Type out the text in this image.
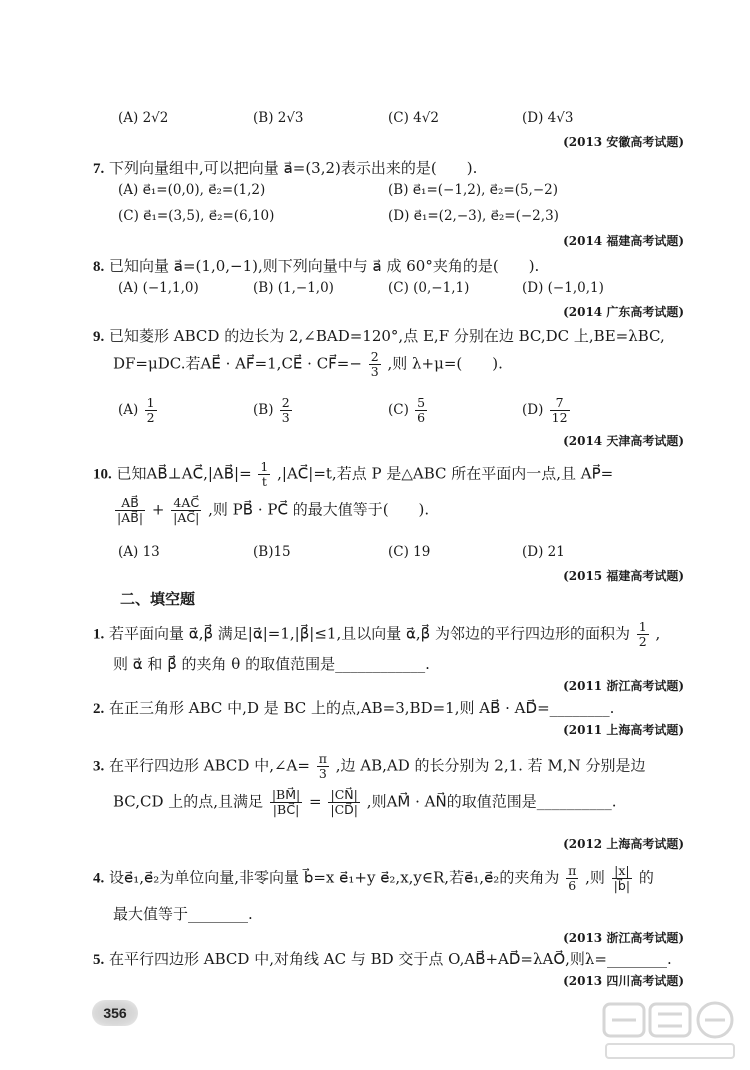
(A) 2√2	(B) 2√3	(C) 4√2	(D) 4√3
(2013 安徽高考试题)
7. 下列向量组中,可以把向量 a⃗=(3,2)表示出来的是(　　).
(A) e⃗₁=(0,0), e⃗₂=(1,2)	(B) e⃗₁=(−1,2), e⃗₂=(5,−2)
(C) e⃗₁=(3,5), e⃗₂=(6,10)	(D) e⃗₁=(2,−3), e⃗₂=(−2,3)
(2014 福建高考试题)
8. 已知向量 a⃗=(1,0,−1),则下列向量中与 a⃗ 成 60°夹角的是(　　).
(A) (−1,1,0)	(B) (1,−1,0)	(C) (0,−1,1)	(D) (−1,0,1)
(2014 广东高考试题)
9. 已知菱形 ABCD 的边长为 2,∠BAD=120°,点 E,F 分别在边 BC,DC 上,BE=λBC,
DF=μDC.若AE⃗ · AF⃗=1,CE⃗ · CF⃗=− $\frac{2}{3}$ ,则 λ+μ=(　　).
$(A) \frac{1}{2}$	$(B) \frac{2}{3}$	$(C) \frac{5}{6}$	$(D) \frac{7}{12}$
(2014 天津高考试题)
10. 已知AB⃗⊥AC⃗,|AB⃗|= $\frac{1}{t}$ ,|AC⃗|=t,若点 P 是△ABC 所在平面内一点,且 AP⃗=
$\frac{AB⃗}{|AB⃗|} + \frac{4AC⃗}{|AC⃗|}$ ,则 PB⃗ · PC⃗ 的最大值等于(　　).
(A) 13	(B)15	(C) 19	(D) 21
(2015 福建高考试题)
二、填空题
1. 若平面向量 α⃗,β⃗ 满足|α⃗|=1,|β⃗|≤1,且以向量 α⃗,β⃗ 为邻边的平行四边形的面积为 $\frac{1}{2}$ ,
则 α⃗ 和 β⃗ 的夹角 θ 的取值范围是____________.
(2011 浙江高考试题)
2. 在正三角形 ABC 中,D 是 BC 上的点,AB=3,BD=1,则 AB⃗ · AD⃗=________.
(2011 上海高考试题)
3. 在平行四边形 ABCD 中,∠A= $\frac{\pi}{3}$ ,边 AB,AD 的长分别为 2,1. 若 M,N 分别是边
BC,CD 上的点,且满足 $\frac{|BM⃗|}{|BC⃗|} = \frac{|CN⃗|}{|CD⃗|}$ ,则AM⃗ · AN⃗的取值范围是__________.
(2012 上海高考试题)
4. 设e⃗₁,e⃗₂为单位向量,非零向量 b⃗=x e⃗₁+y e⃗₂,x,y∈R,若e⃗₁,e⃗₂的夹角为 $\frac{\pi}{6}$ ,则 $\frac{|x|}{|b⃗|}$ 的
最大值等于________.
(2013 浙江高考试题)
5. 在平行四边形 ABCD 中,对角线 AC 与 BD 交于点 O,AB⃗+AD⃗=λAO⃗,则λ=________.
(2013 四川高考试题)
356
